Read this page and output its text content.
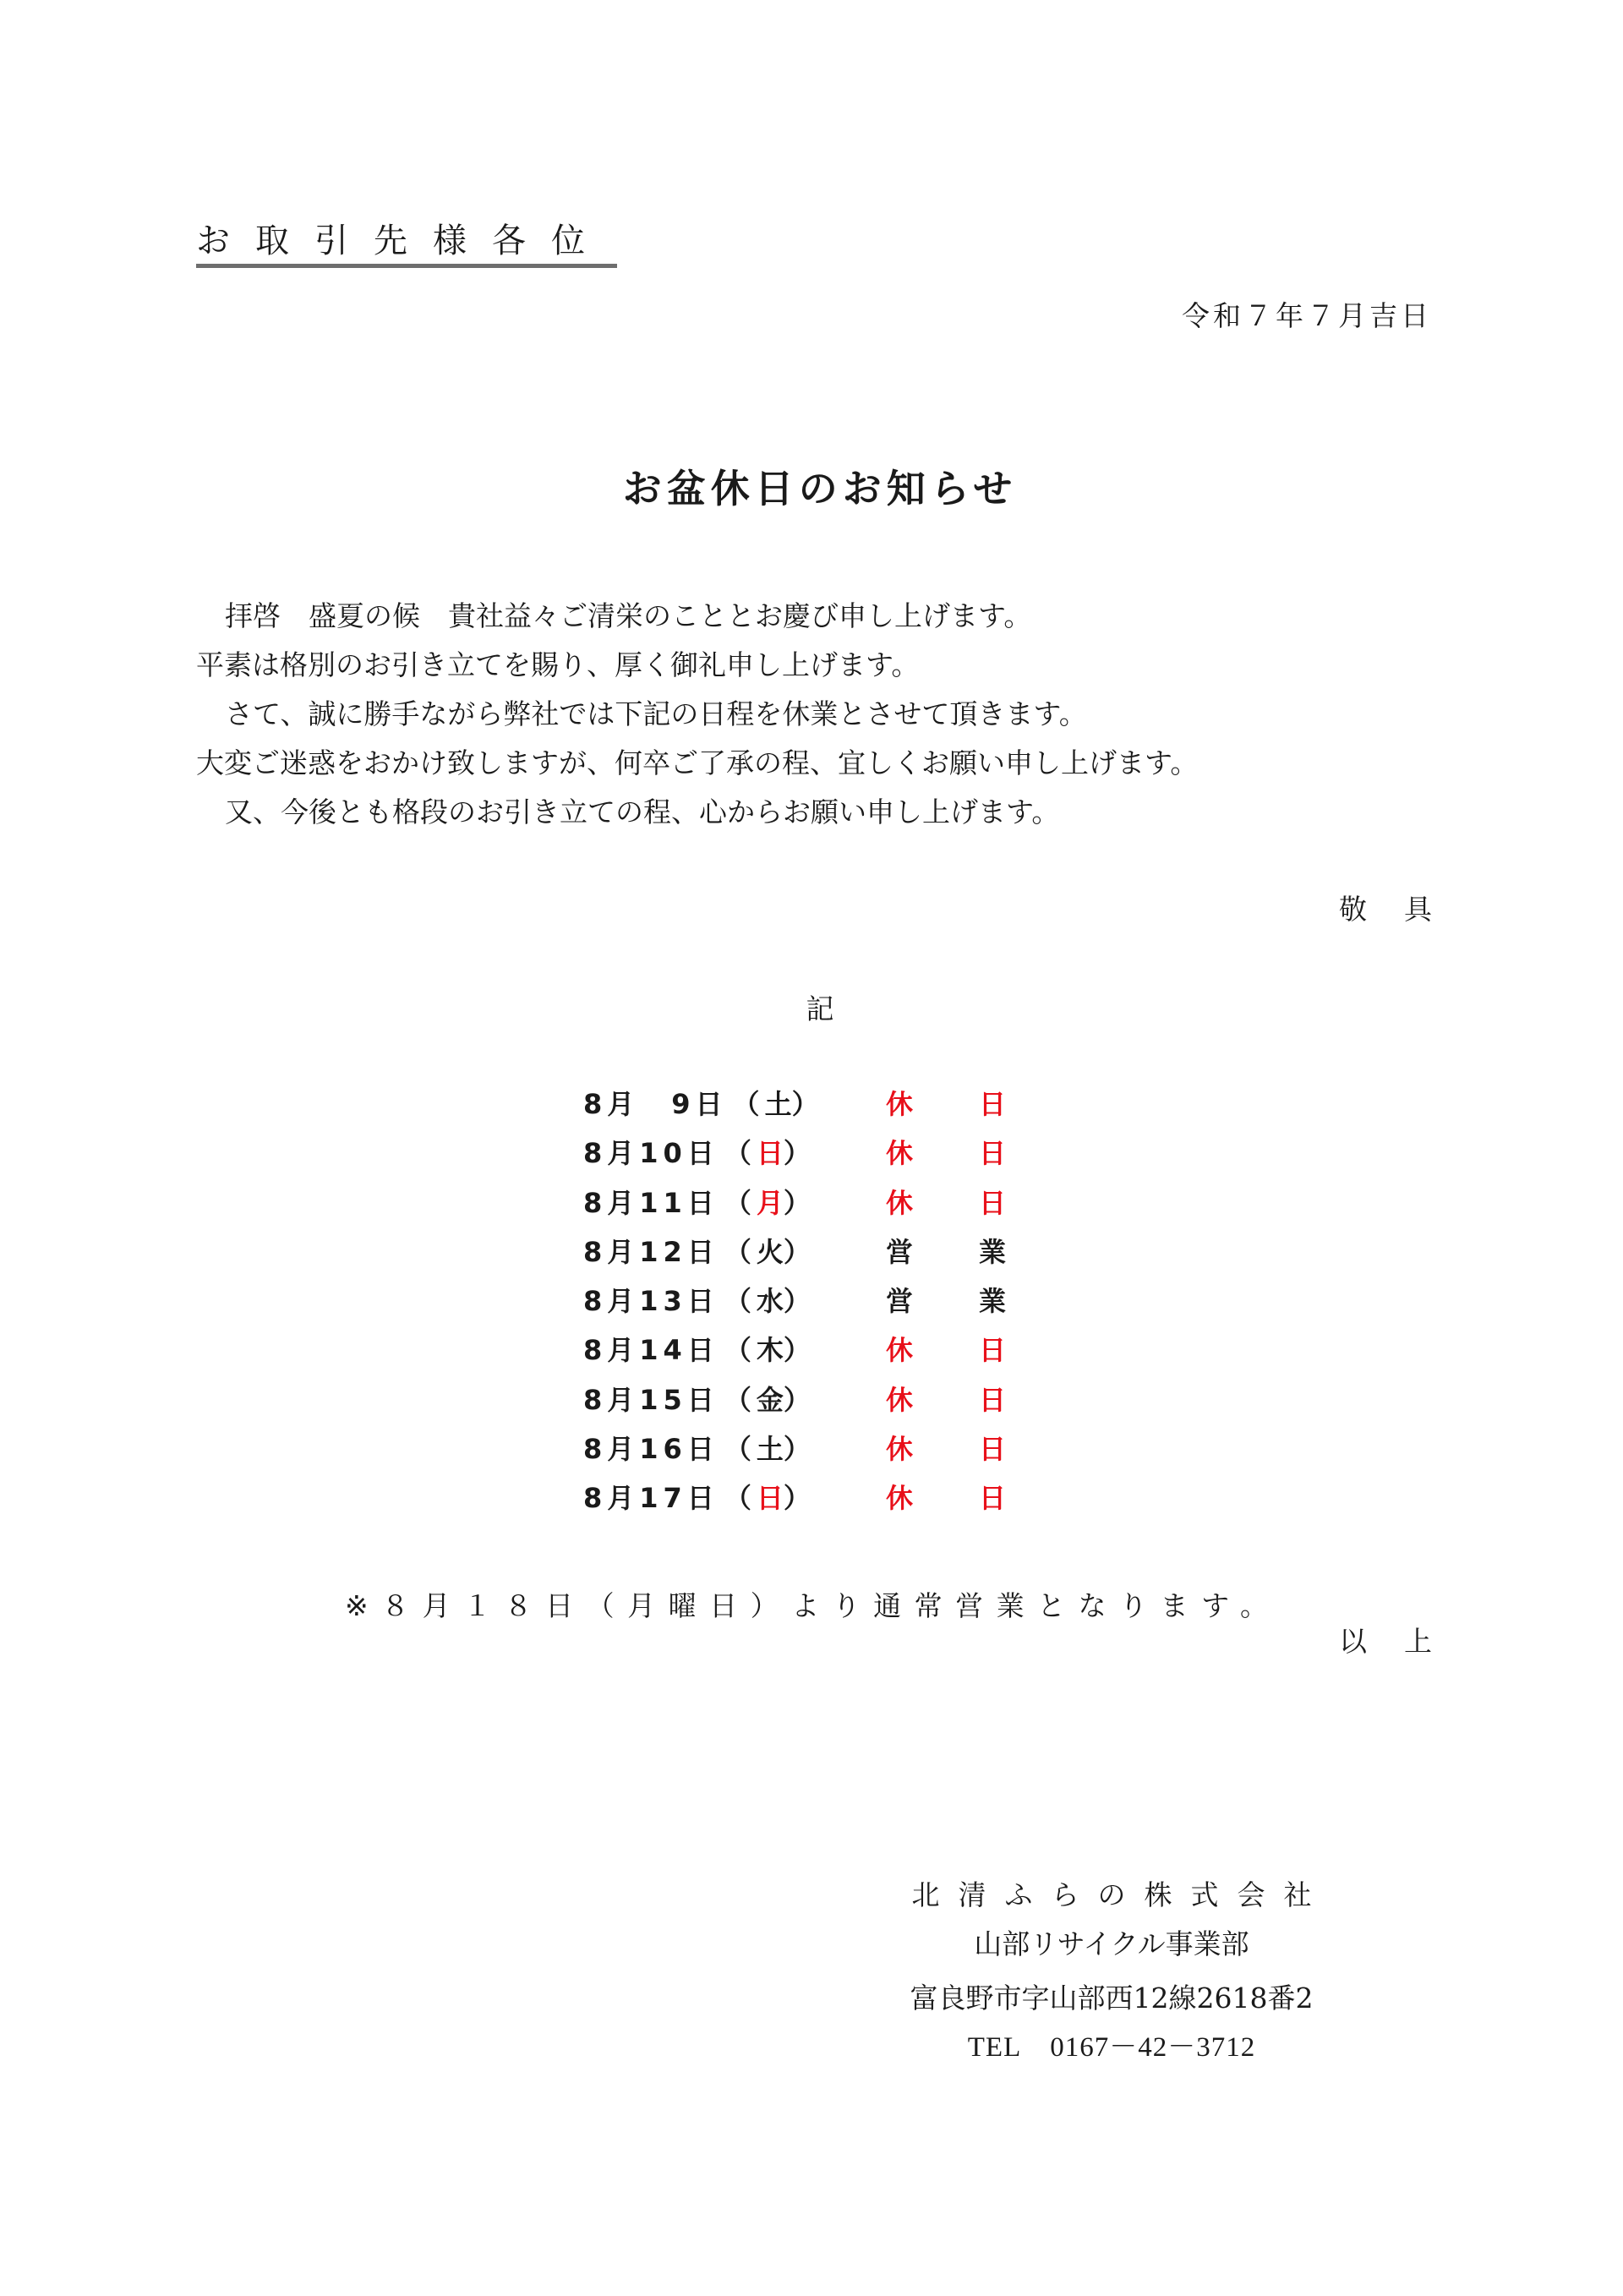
お取引先様各位
令和７年７月吉日
お盆休日のお知らせ
拝啓　盛夏の候　貴社益々ご清栄のこととお慶び申し上げます。
平素は格別のお引き立てを賜り、厚く御礼申し上げます。
さて、誠に勝手ながら弊社では下記の日程を休業とさせて頂きます。
大変ご迷惑をおかけ致しますが、何卒ご了承の程、宜しくお願い申し上げます。
又、今後とも格段のお引き立ての程、心からお願い申し上げます。
敬具
記
8月　9日 （土）	休 日
8月10日 （日）	休 日
8月11日 （月）	休 日
8月12日 （火）	営 業
8月13日 （水）	営 業
8月14日 （木）	休 日
8月15日 （金）	休 日
8月16日 （土）	休 日
8月17日 （日）	休 日
※８月１８日（月曜日）より通常営業となります。
以上
北清ふらの株式会社
山部リサイクル事業部
富良野市字山部西12線2618番2
TEL 0167－42－3712
